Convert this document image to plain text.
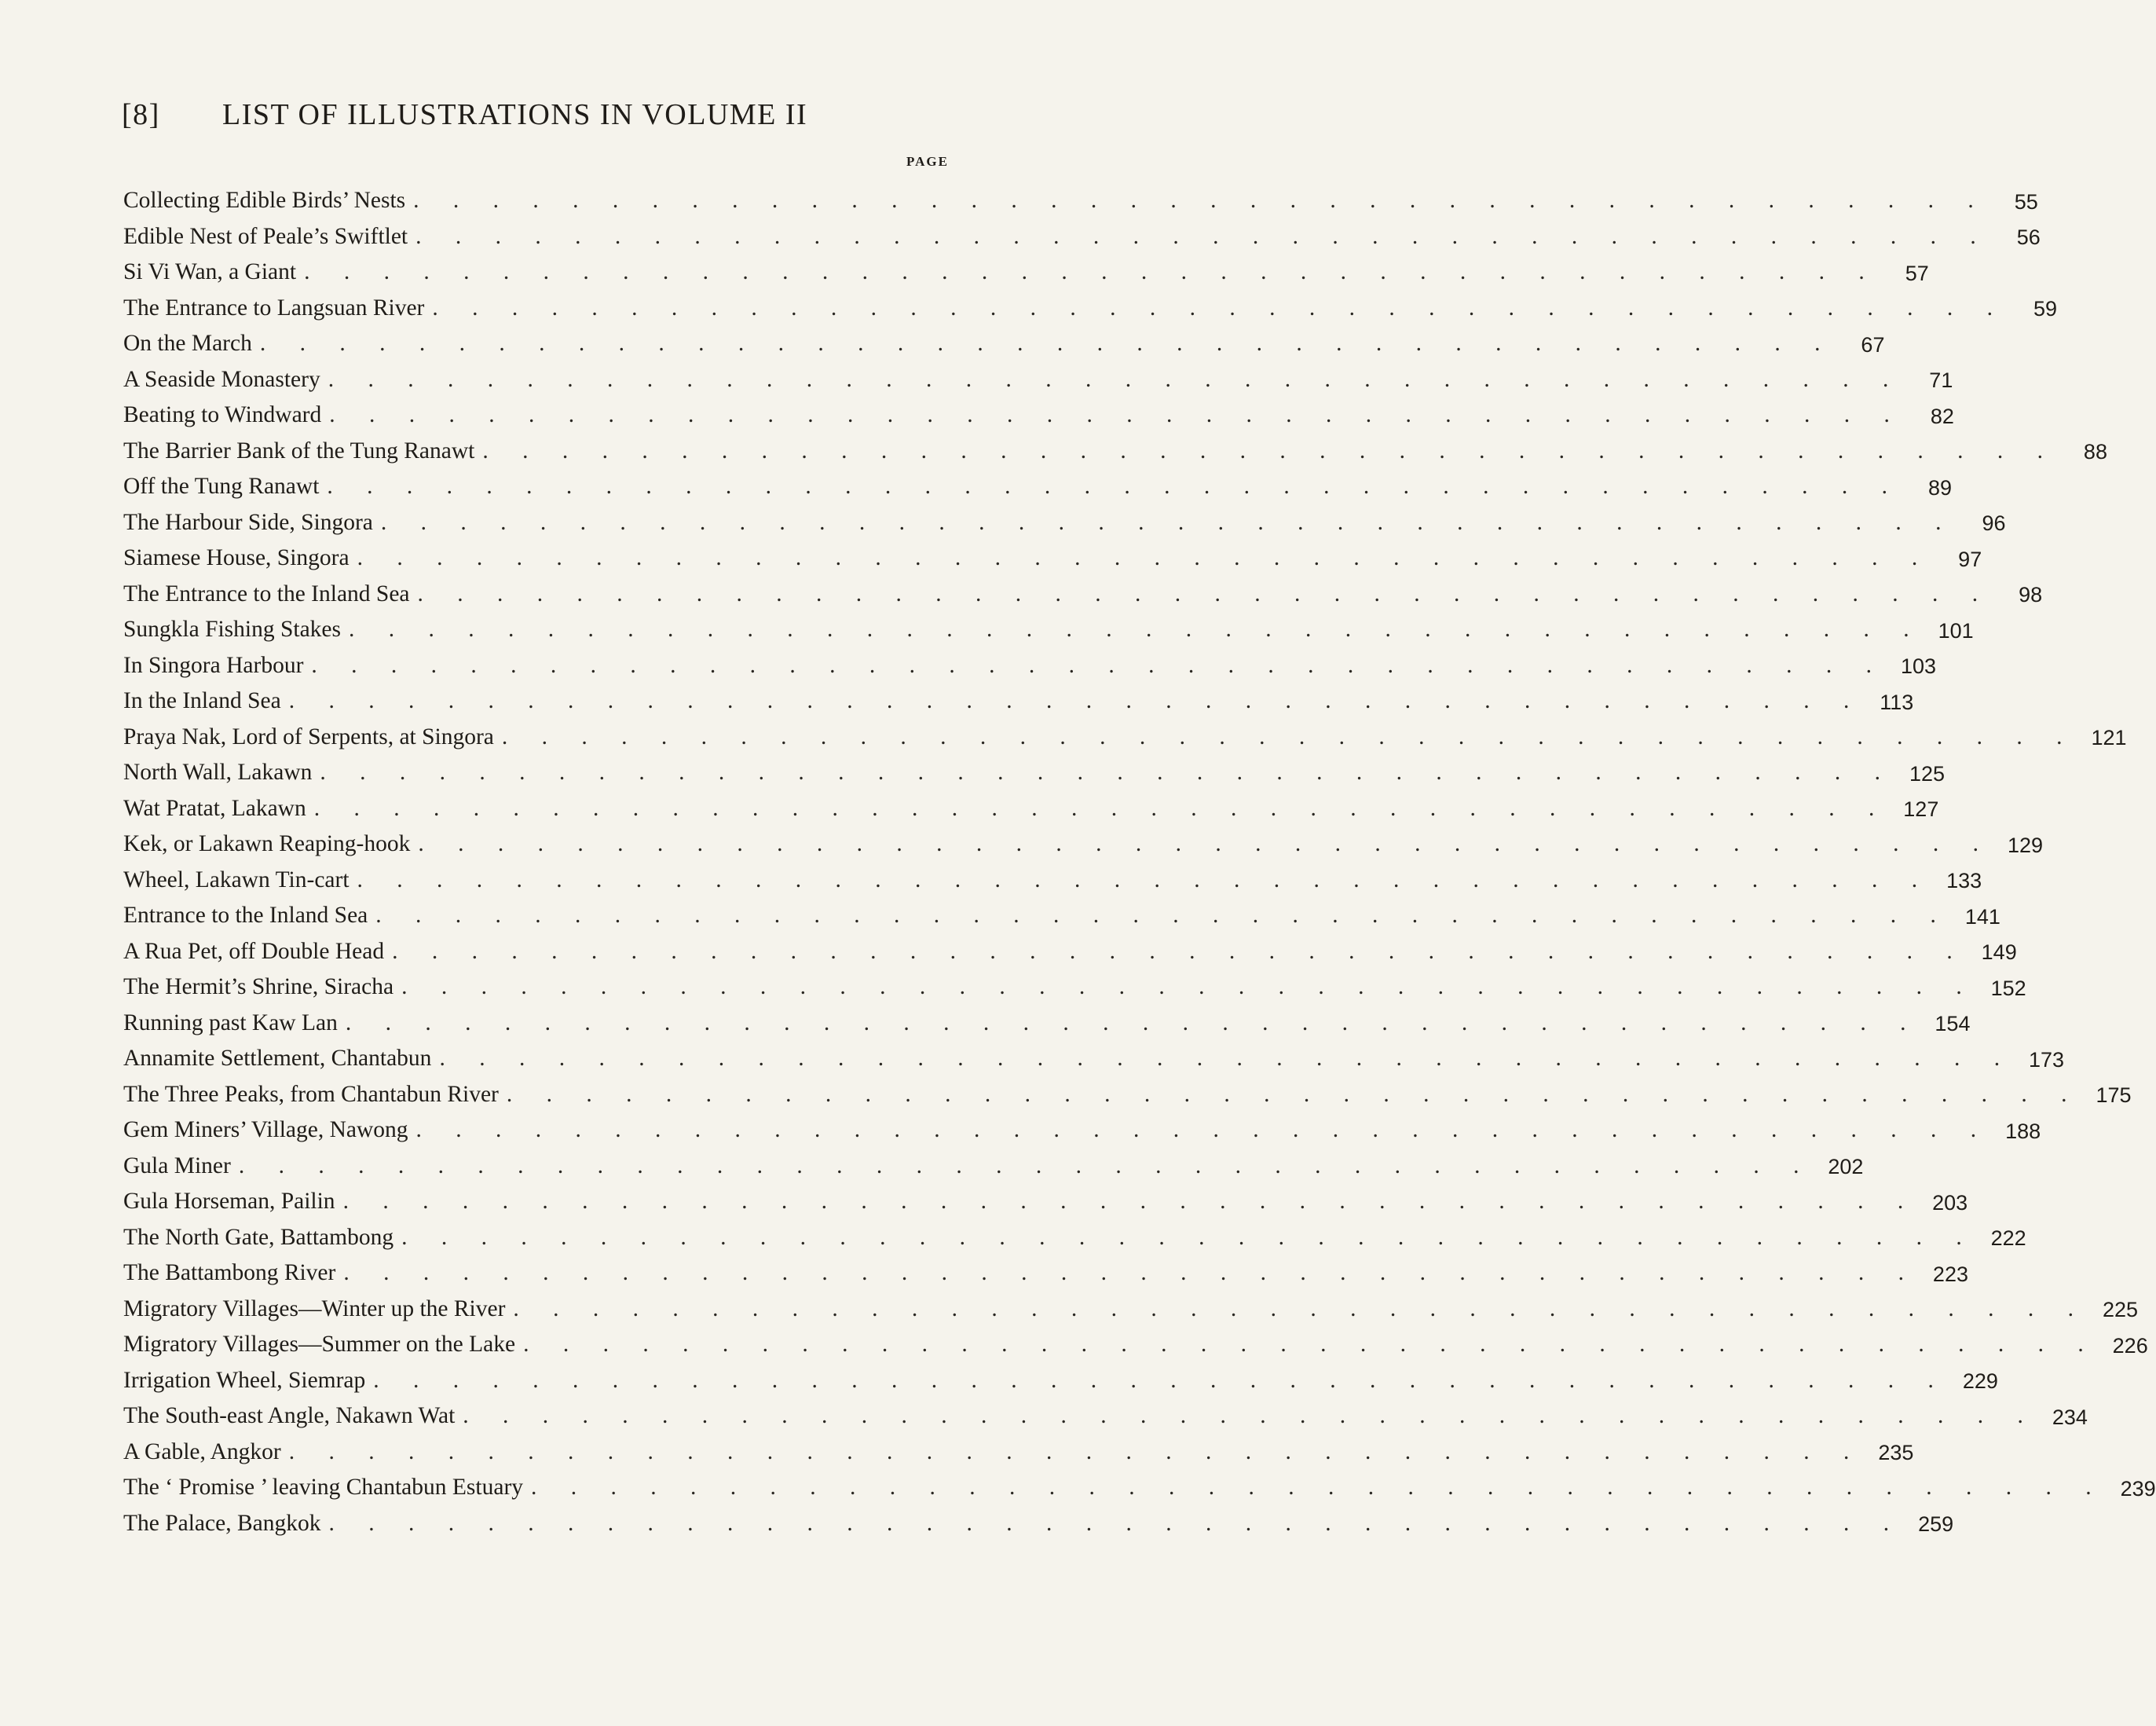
[8] LIST OF ILLUSTRATIONS IN VOLUME II
PAGE
Collecting Edible Birds’ Nests . . . . . . . . . . . . . . . . . . . . . . . . . . . . . . . . . . . . . . . .	55
Edible Nest of Peale’s Swiftlet . . . . . . . . . . . . . . . . . . . . . . . . . . . . . . . . . . . . . . . .	56
Si Vi Wan, a Giant . . . . . . . . . . . . . . . . . . . . . . . . . . . . . . . . . . . . . . . .	57
The Entrance to Langsuan River . . . . . . . . . . . . . . . . . . . . . . . . . . . . . . . . . . . . . . . .	59
On the March . . . . . . . . . . . . . . . . . . . . . . . . . . . . . . . . . . . . . . . .	67
A Seaside Monastery . . . . . . . . . . . . . . . . . . . . . . . . . . . . . . . . . . . . . . . .	71
Beating to Windward . . . . . . . . . . . . . . . . . . . . . . . . . . . . . . . . . . . . . . . .	82
The Barrier Bank of the Tung Ranawt . . . . . . . . . . . . . . . . . . . . . . . . . . . . . . . . . . . . . . . .	88
Off the Tung Ranawt . . . . . . . . . . . . . . . . . . . . . . . . . . . . . . . . . . . . . . . .	89
The Harbour Side, Singora . . . . . . . . . . . . . . . . . . . . . . . . . . . . . . . . . . . . . . . .	96
Siamese House, Singora . . . . . . . . . . . . . . . . . . . . . . . . . . . . . . . . . . . . . . . .	97
The Entrance to the Inland Sea . . . . . . . . . . . . . . . . . . . . . . . . . . . . . . . . . . . . . . . .	98
Sungkla Fishing Stakes . . . . . . . . . . . . . . . . . . . . . . . . . . . . . . . . . . . . . . . . 101
In Singora Harbour . . . . . . . . . . . . . . . . . . . . . . . . . . . . . . . . . . . . . . . . 103
In the Inland Sea . . . . . . . . . . . . . . . . . . . . . . . . . . . . . . . . . . . . . . . . 113
Praya Nak, Lord of Serpents, at Singora . . . . . . . . . . . . . . . . . . . . . . . . . . . . . . . . . . . . . . . . 121
North Wall, Lakawn . . . . . . . . . . . . . . . . . . . . . . . . . . . . . . . . . . . . . . . . 125
Wat Pratat, Lakawn . . . . . . . . . . . . . . . . . . . . . . . . . . . . . . . . . . . . . . . . 127
Kek, or Lakawn Reaping-hook . . . . . . . . . . . . . . . . . . . . . . . . . . . . . . . . . . . . . . . . 129
Wheel, Lakawn Tin-cart . . . . . . . . . . . . . . . . . . . . . . . . . . . . . . . . . . . . . . . . 133
Entrance to the Inland Sea . . . . . . . . . . . . . . . . . . . . . . . . . . . . . . . . . . . . . . . . 141
A Rua Pet, off Double Head . . . . . . . . . . . . . . . . . . . . . . . . . . . . . . . . . . . . . . . . 149
The Hermit’s Shrine, Siracha . . . . . . . . . . . . . . . . . . . . . . . . . . . . . . . . . . . . . . . . 152
Running past Kaw Lan . . . . . . . . . . . . . . . . . . . . . . . . . . . . . . . . . . . . . . . . 154
Annamite Settlement, Chantabun . . . . . . . . . . . . . . . . . . . . . . . . . . . . . . . . . . . . . . . . 173
The Three Peaks, from Chantabun River . . . . . . . . . . . . . . . . . . . . . . . . . . . . . . . . . . . . . . . . 175
Gem Miners’ Village, Nawong . . . . . . . . . . . . . . . . . . . . . . . . . . . . . . . . . . . . . . . . 188
Gula Miner . . . . . . . . . . . . . . . . . . . . . . . . . . . . . . . . . . . . . . . . 202
Gula Horseman, Pailin . . . . . . . . . . . . . . . . . . . . . . . . . . . . . . . . . . . . . . . . 203
The North Gate, Battambong . . . . . . . . . . . . . . . . . . . . . . . . . . . . . . . . . . . . . . . . 222
The Battambong River . . . . . . . . . . . . . . . . . . . . . . . . . . . . . . . . . . . . . . . . 223
Migratory Villages—Winter up the River . . . . . . . . . . . . . . . . . . . . . . . . . . . . . . . . . . . . . . . . 225
Migratory Villages—Summer on the Lake . . . . . . . . . . . . . . . . . . . . . . . . . . . . . . . . . . . . . . . . 226
Irrigation Wheel, Siemrap . . . . . . . . . . . . . . . . . . . . . . . . . . . . . . . . . . . . . . . . 229
The South-east Angle, Nakawn Wat . . . . . . . . . . . . . . . . . . . . . . . . . . . . . . . . . . . . . . . . 234
A Gable, Angkor . . . . . . . . . . . . . . . . . . . . . . . . . . . . . . . . . . . . . . . . 235
The ‘ Promise ’ leaving Chantabun Estuary . . . . . . . . . . . . . . . . . . . . . . . . . . . . . . . . . . . . . . . . 239
The Palace, Bangkok . . . . . . . . . . . . . . . . . . . . . . . . . . . . . . . . . . . . . . . . 259
